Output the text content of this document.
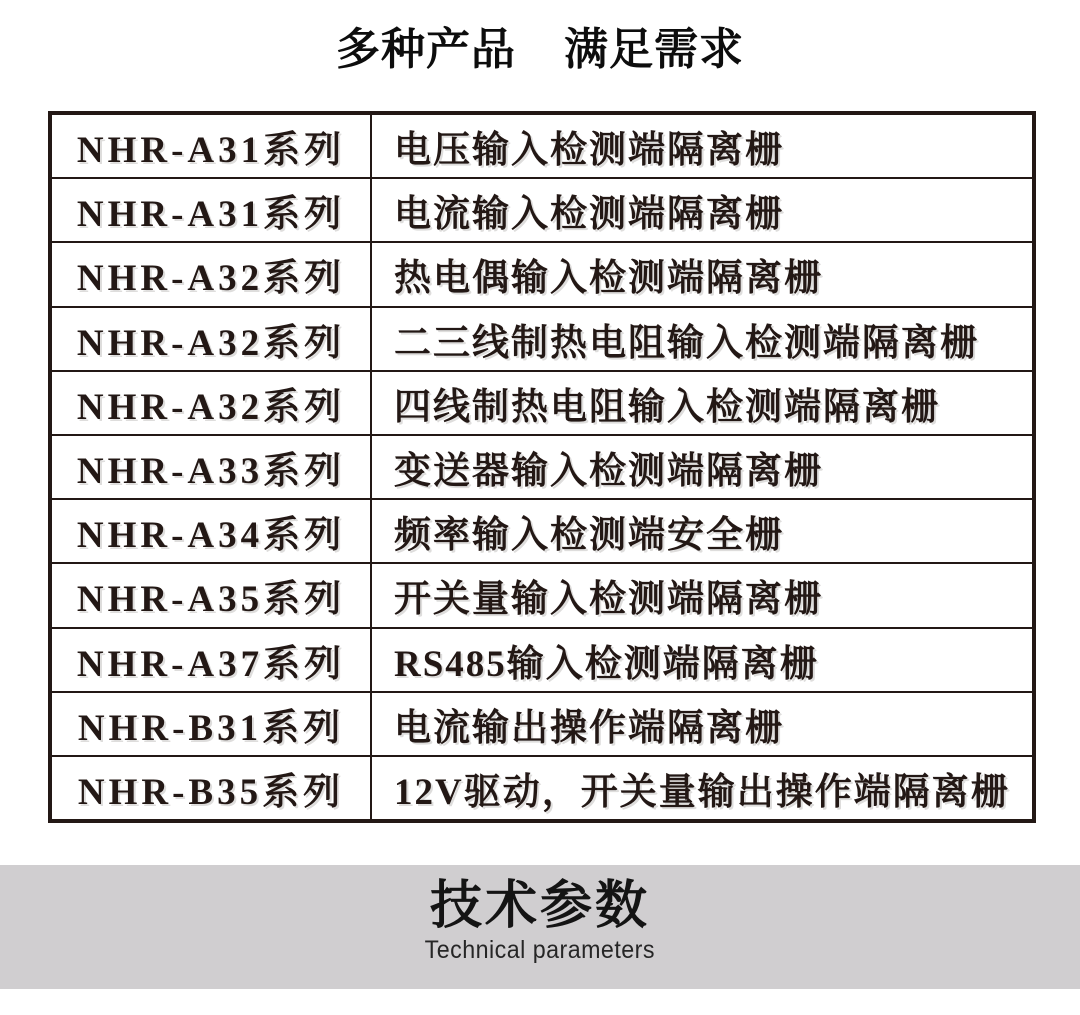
多种产品 满足需求
NHR-A31系列	电压输入检测端隔离栅
NHR-A31系列	电流输入检测端隔离栅
NHR-A32系列	热电偶输入检测端隔离栅
NHR-A32系列	二三线制热电阻输入检测端隔离栅
NHR-A32系列	四线制热电阻输入检测端隔离栅
NHR-A33系列	变送器输入检测端隔离栅
NHR-A34系列	频率输入检测端安全栅
NHR-A35系列	开关量输入检测端隔离栅
NHR-A37系列	RS485输入检测端隔离栅
NHR-B31系列	电流输出操作端隔离栅
NHR-B35系列	12V驱动，开关量输出操作端隔离栅
技术参数
Technical parameters
